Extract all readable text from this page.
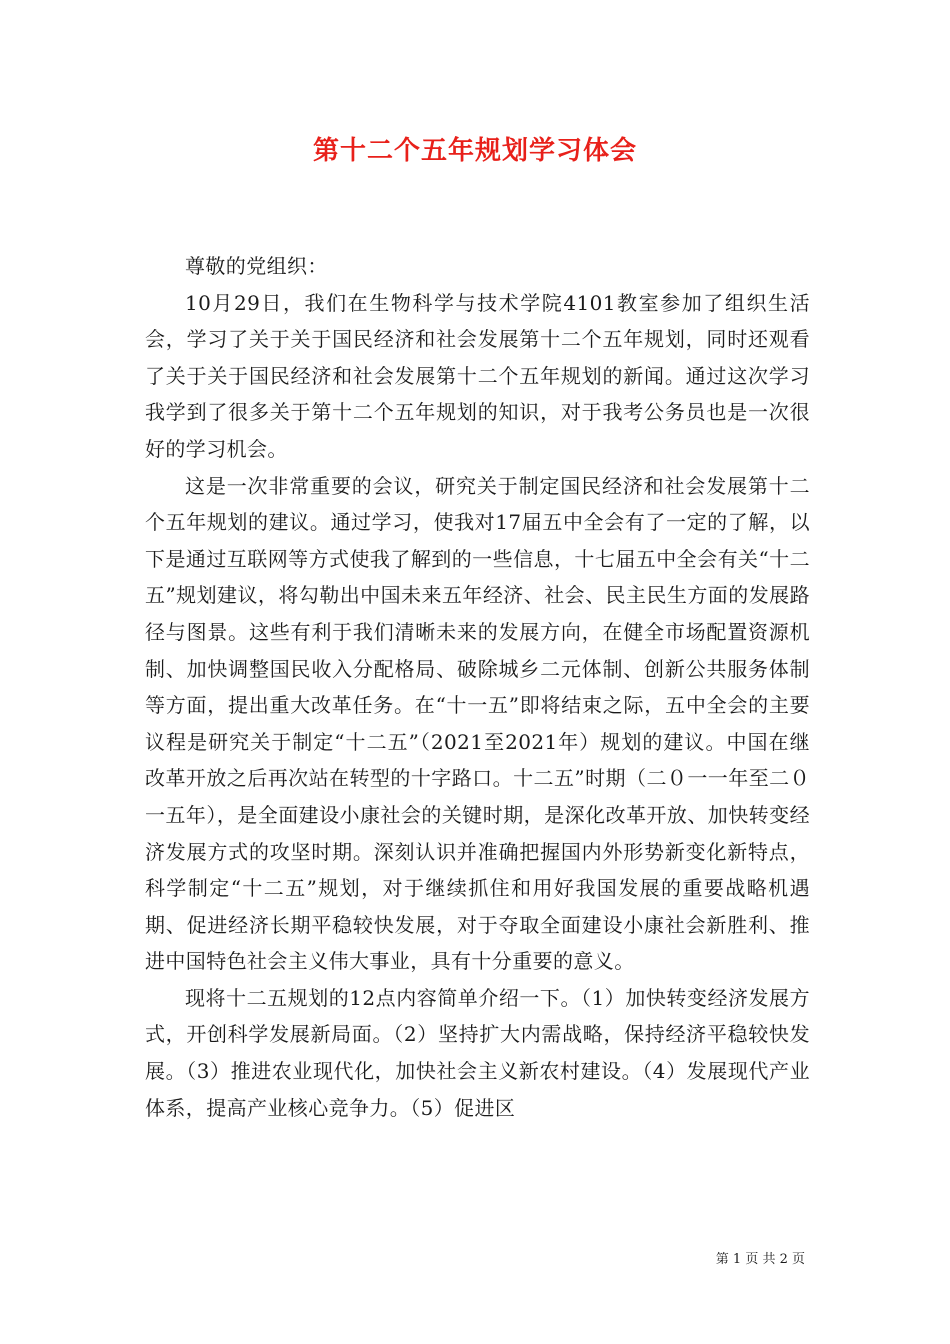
第十二个五年规划学习体会

尊敬的党组织：

10月29日，我们在生物科学与技术学院4101教室参加了组织生活会，学习了关于关于国民经济和社会发展第十二个五年规划，同时还观看了关于关于国民经济和社会发展第十二个五年规划的新闻。通过这次学习我学到了很多关于第十二个五年规划的知识，对于我考公务员也是一次很好的学习机会。

这是一次非常重要的会议，研究关于制定国民经济和社会发展第十二个五年规划的建议。通过学习，使我对17届五中全会有了一定的了解，以下是通过互联网等方式使我了解到的一些信息，十七届五中全会有关“十二五”规划建议，将勾勒出中国未来五年经济、社会、民主民生方面的发展路径与图景。这些有利于我们清晰未来的发展方向，在健全市场配置资源机制、加快调整国民收入分配格局、破除城乡二元体制、创新公共服务体制等方面，提出重大改革任务。在“十一五”即将结束之际，五中全会的主要议程是研究关于制定“十二五”（2021至2021年）规划的建议。中国在继改革开放之后再次站在转型的十字路口。十二五”时期（二０一一年至二０一五年），是全面建设小康社会的关键时期，是深化改革开放、加快转变经济发展方式的攻坚时期。深刻认识并准确把握国内外形势新变化新特点，科学制定“十二五”规划，对于继续抓住和用好我国发展的重要战略机遇期、促进经济长期平稳较快发展，对于夺取全面建设小康社会新胜利、推进中国特色社会主义伟大事业，具有十分重要的意义。

现将十二五规划的12点内容简单介绍一下。（1）加快转变经济发展方式，开创科学发展新局面。（2）坚持扩大内需战略，保持经济平稳较快发展。（3）推进农业现代化，加快社会主义新农村建设。（4）发展现代产业体系，提高产业核心竞争力。（5）促进区

第 1 页 共 2 页
